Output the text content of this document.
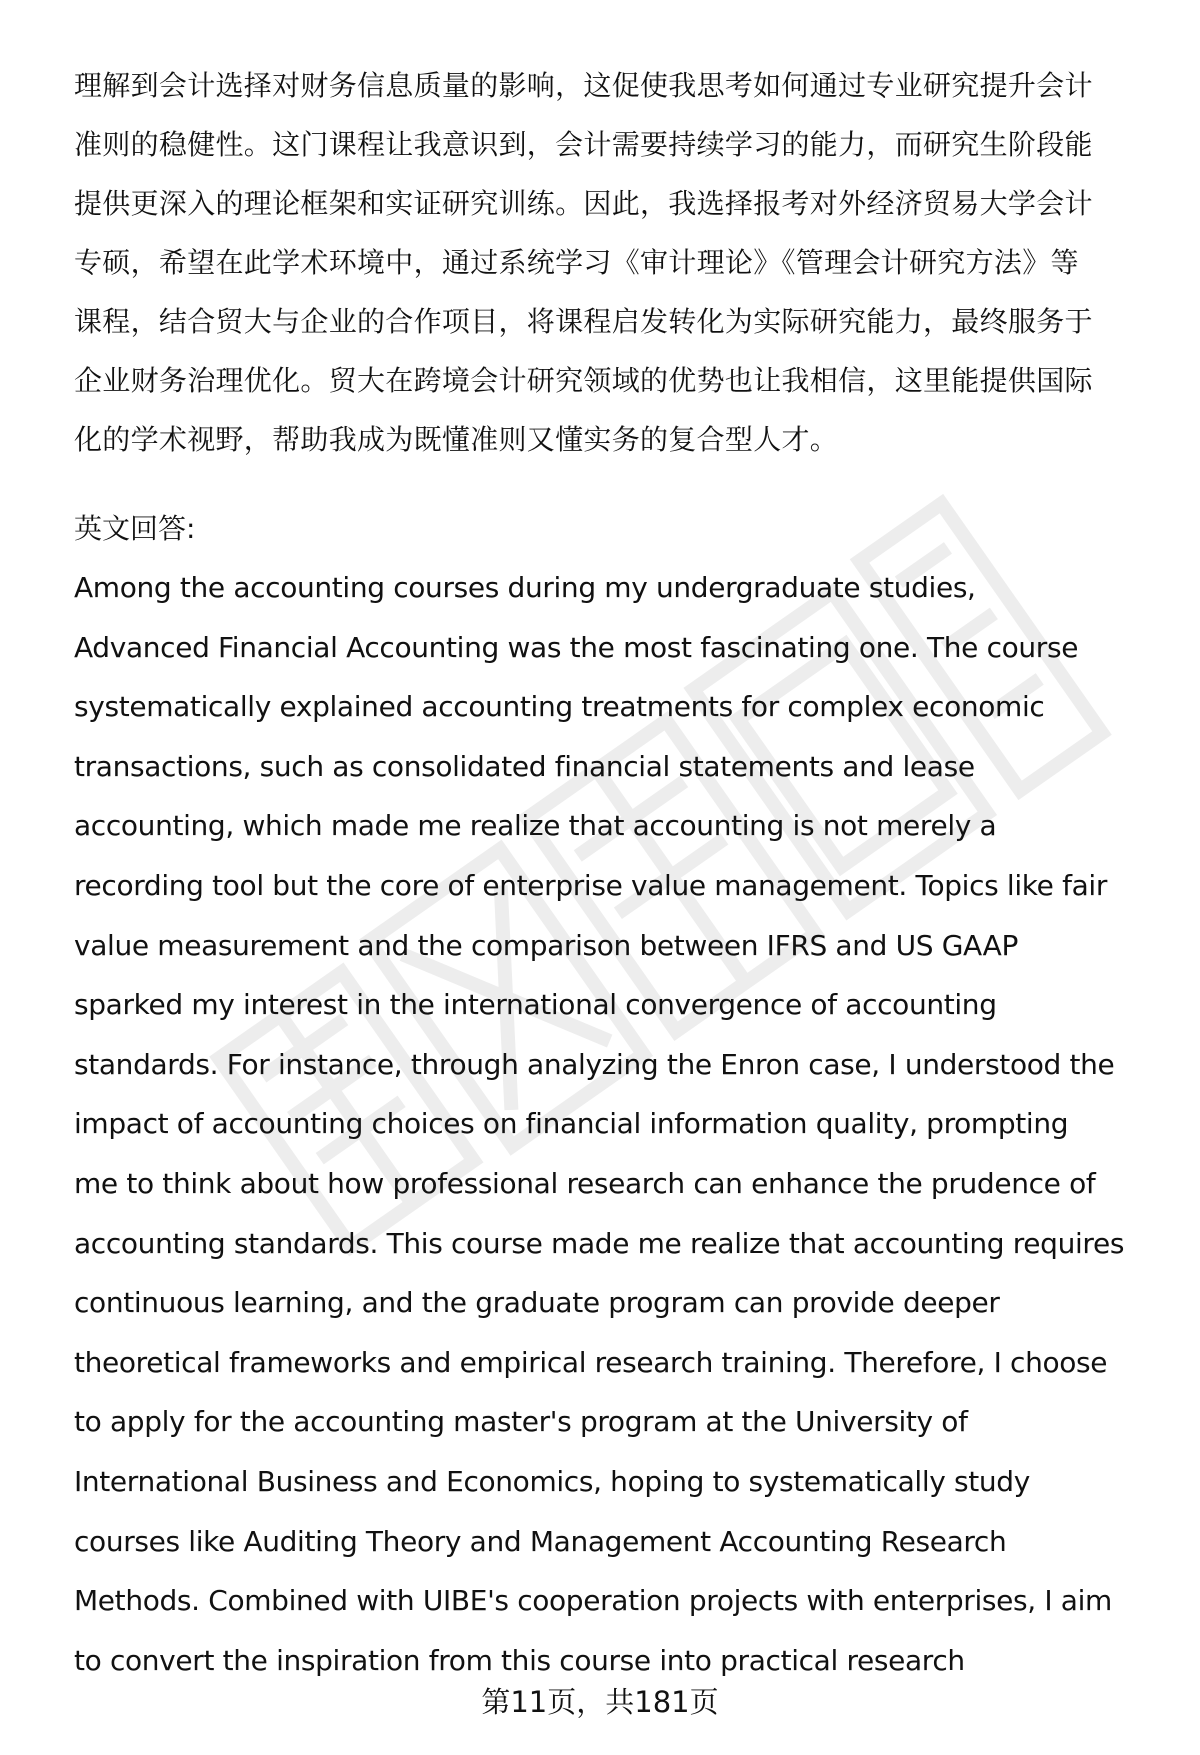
理解到会计选择对财务信息质量的影响，这促使我思考如何通过专业研究提升会计
准则的稳健性。这门课程让我意识到，会计需要持续学习的能力，而研究生阶段能
提供更深入的理论框架和实证研究训练。因此，我选择报考对外经济贸易大学会计
专硕，希望在此学术环境中，通过系统学习《审计理论》《管理会计研究方法》等
课程，结合贸大与企业的合作项目，将课程启发转化为实际研究能力，最终服务于
企业财务治理优化。贸大在跨境会计研究领域的优势也让我相信，这里能提供国际
化的学术视野，帮助我成为既懂准则又懂实务的复合型人才。
英文回答:
Among the accounting courses during my undergraduate studies,
Advanced Financial Accounting was the most fascinating one. The course
systematically explained accounting treatments for complex economic
transactions, such as consolidated financial statements and lease
accounting, which made me realize that accounting is not merely a
recording tool but the core of enterprise value management. Topics like fair
value measurement and the comparison between IFRS and US GAAP
sparked my interest in the international convergence of accounting
standards. For instance, through analyzing the Enron case, I understood the
impact of accounting choices on financial information quality, prompting
me to think about how professional research can enhance the prudence of
accounting standards. This course made me realize that accounting requires
continuous learning, and the graduate program can provide deeper
theoretical frameworks and empirical research training. Therefore, I choose
to apply for the accounting master's program at the University of
International Business and Economics, hoping to systematically study
courses like Auditing Theory and Management Accounting Research
Methods. Combined with UIBE's cooperation projects with enterprises, I aim
to convert the inspiration from this course into practical research
第11页，共181页
